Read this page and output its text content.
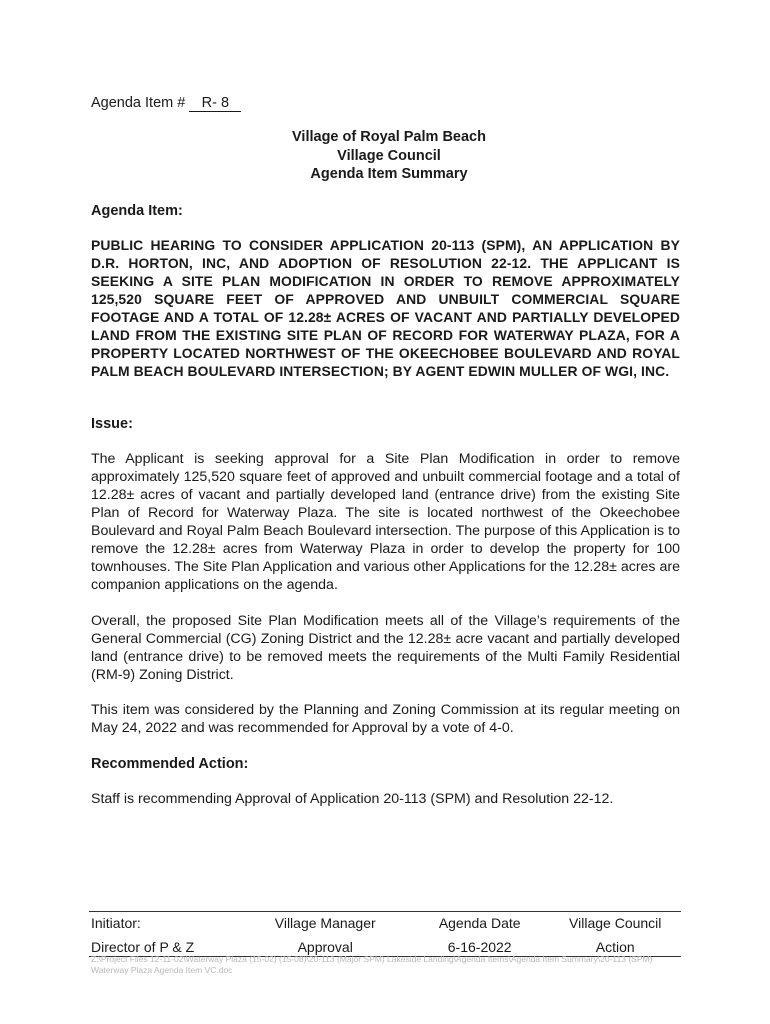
Agenda Item # R- 8
Village of Royal Palm Beach
Village Council
Agenda Item Summary
Agenda Item:
PUBLIC HEARING TO CONSIDER APPLICATION 20-113 (SPM), AN APPLICATION BY D.R. HORTON, INC, AND ADOPTION OF RESOLUTION 22-12. THE APPLICANT IS SEEKING A SITE PLAN MODIFICATION IN ORDER TO REMOVE APPROXIMATELY 125,520 SQUARE FEET OF APPROVED AND UNBUILT COMMERCIAL SQUARE FOOTAGE AND A TOTAL OF 12.28± ACRES OF VACANT AND PARTIALLY DEVELOPED LAND FROM THE EXISTING SITE PLAN OF RECORD FOR WATERWAY PLAZA, FOR A PROPERTY LOCATED NORTHWEST OF THE OKEECHOBEE BOULEVARD AND ROYAL PALM BEACH BOULEVARD INTERSECTION; BY AGENT EDWIN MULLER OF WGI, INC.
Issue:
The Applicant is seeking approval for a Site Plan Modification in order to remove approximately 125,520 square feet of approved and unbuilt commercial footage and a total of 12.28± acres of vacant and partially developed land (entrance drive) from the existing Site Plan of Record for Waterway Plaza. The site is located northwest of the Okeechobee Boulevard and Royal Palm Beach Boulevard intersection. The purpose of this Application is to remove the 12.28± acres from Waterway Plaza in order to develop the property for 100 townhouses. The Site Plan Application and various other Applications for the 12.28± acres are companion applications on the agenda.
Overall, the proposed Site Plan Modification meets all of the Village’s requirements of the General Commercial (CG) Zoning District and the 12.28± acre vacant and partially developed land (entrance drive) to be removed meets the requirements of the Multi Family Residential (RM-9) Zoning District.
This item was considered by the Planning and Zoning Commission at its regular meeting on May 24, 2022 and was recommended for Approval by a vote of 4-0.
Recommended Action:
Staff is recommending Approval of Application 20-113 (SPM) and Resolution 22-12.
Initiator:	Village Manager	Agenda Date	Village Council
Director of P & Z	Approval	6-16-2022	Action
Z:\Project Files 12-11-02\Waterway Plaza (15-02) (15-08)\20-113 (Major SPM) Lakeside Landing\Agenda Items\Agenda Item Summary\20-113 (SPM) Waterway Plaza Agenda Item VC.doc
